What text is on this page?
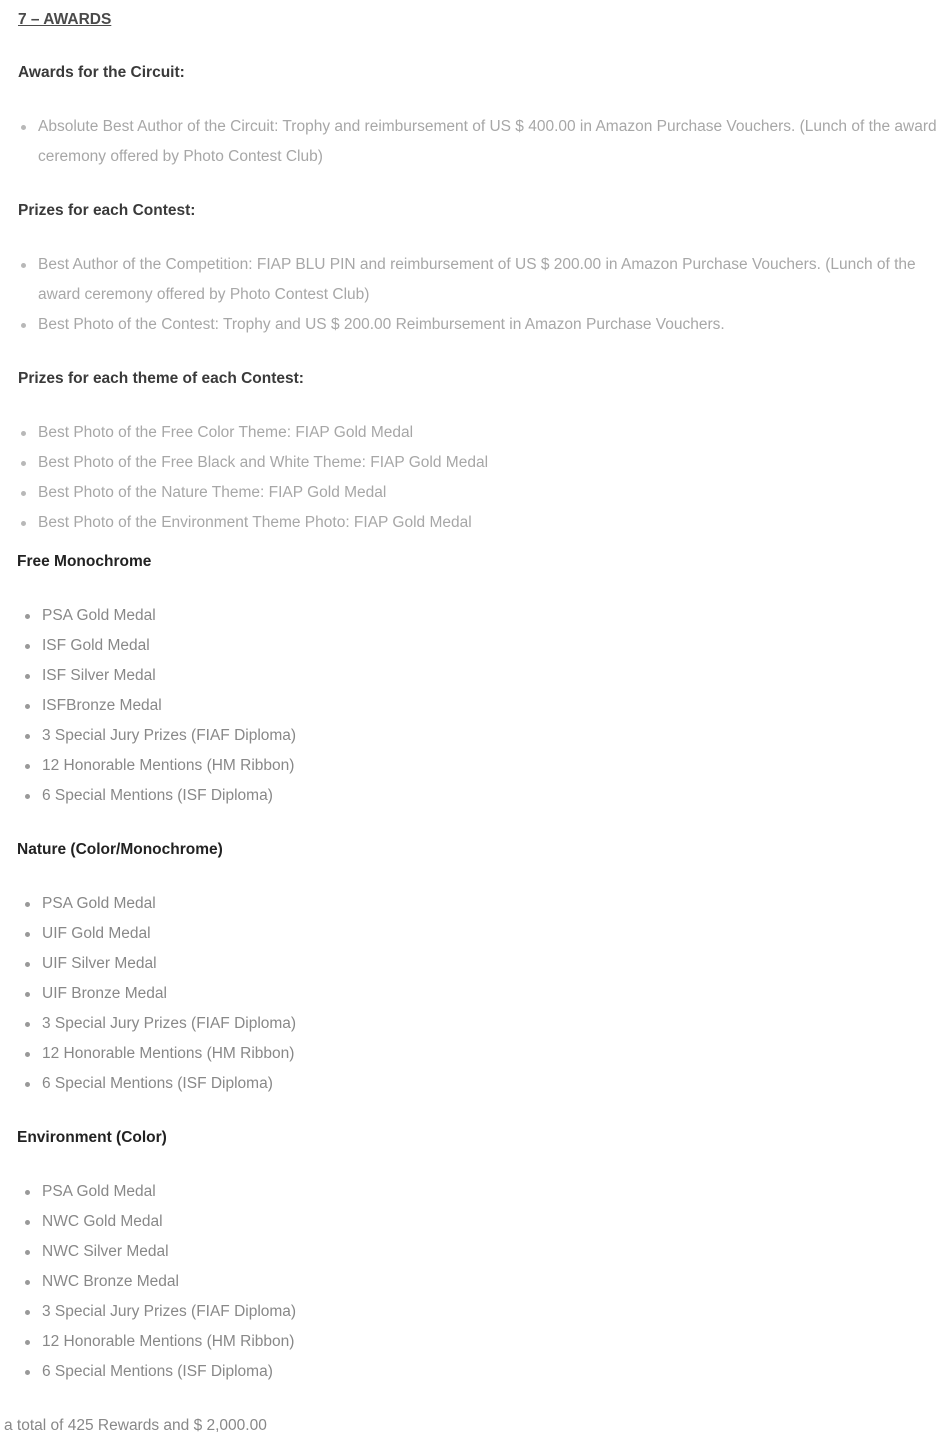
7 – AWARDS
Awards for the Circuit:
Absolute Best Author of the Circuit: Trophy and reimbursement of US $ 400.00 in Amazon Purchase Vouchers. (Lunch of the award ceremony offered by Photo Contest Club)
Prizes for each Contest:
Best Author of the Competition: FIAP BLU PIN and reimbursement of US $ 200.00 in Amazon Purchase Vouchers. (Lunch of the award ceremony offered by Photo Contest Club)
Best Photo of the Contest: Trophy and US $ 200.00 Reimbursement in Amazon Purchase Vouchers.
Prizes for each theme of each Contest:
Best Photo of the Free Color Theme: FIAP Gold Medal
Best Photo of the Free Black and White Theme: FIAP Gold Medal
Best Photo of the Nature Theme: FIAP Gold Medal
Best Photo of the Environment Theme Photo: FIAP Gold Medal
Free Monochrome
PSA Gold Medal
ISF Gold Medal
ISF Silver Medal
ISFBronze Medal
3 Special Jury Prizes (FIAF Diploma)
12 Honorable Mentions (HM Ribbon)
6 Special Mentions (ISF Diploma)
Nature (Color/Monochrome)
PSA Gold Medal
UIF Gold Medal
UIF Silver Medal
UIF Bronze Medal
3 Special Jury Prizes (FIAF Diploma)
12 Honorable Mentions (HM Ribbon)
6 Special Mentions (ISF Diploma)
Environment (Color)
PSA Gold Medal
NWC Gold Medal
NWC Silver Medal
NWC Bronze Medal
3 Special Jury Prizes (FIAF Diploma)
12 Honorable Mentions (HM Ribbon)
6 Special Mentions (ISF Diploma)
a total of 425 Rewards and $ 2,000.00
